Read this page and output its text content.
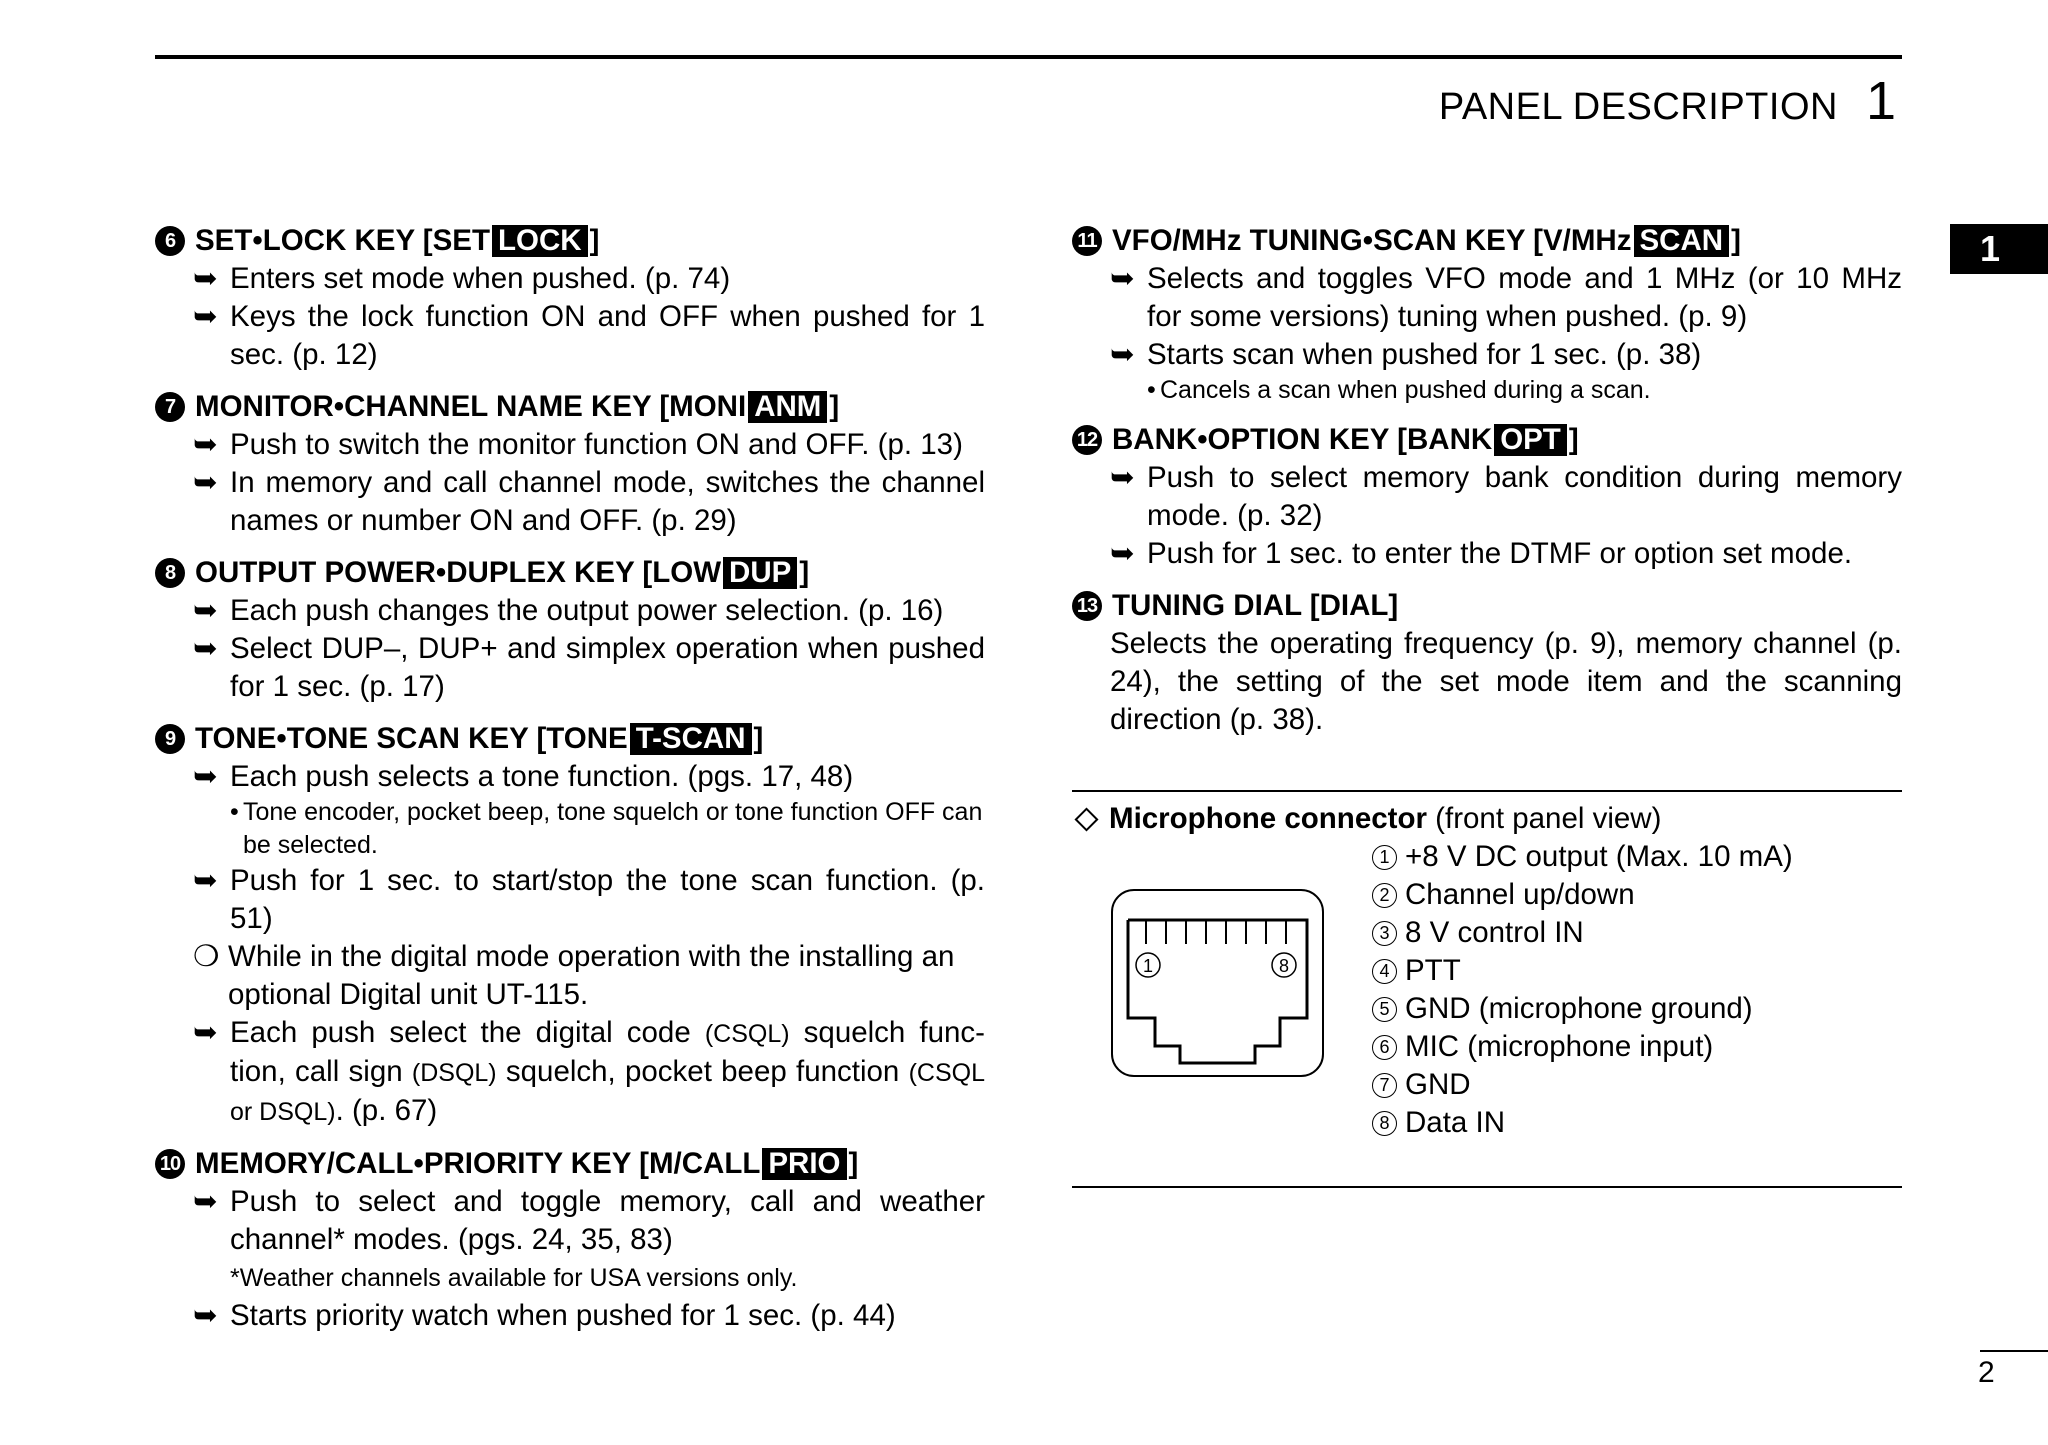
PANEL DESCRIPTION 1
1
6 SET•LOCK KEY [SET LOCK ]
➥ Enters set mode when pushed. (p. 74)
➥ Keys the lock function ON and OFF when pushed for 1 sec. (p. 12)
7 MONITOR•CHANNEL NAME KEY [MONI ANM ]
➥ Push to switch the monitor function ON and OFF. (p. 13)
➥ In memory and call channel mode, switches the channel names or number ON and OFF. (p. 29)
8 OUTPUT POWER•DUPLEX KEY [LOW DUP ]
➥ Each push changes the output power selection. (p. 16)
➥ Select DUP–, DUP+ and simplex operation when pushed for 1 sec. (p. 17)
9 TONE•TONE SCAN KEY [TONE T-SCAN ]
➥ Each push selects a tone function. (pgs. 17, 48)
• Tone encoder, pocket beep, tone squelch or tone function OFF can be selected.
➥ Push for 1 sec. to start/stop the tone scan function. (p. 51)
❍ While in the digital mode operation with the installing an optional Digital unit UT-115.
➥ Each push select the digital code (CSQL) squelch func-tion, call sign (DSQL) squelch, pocket beep function (CSQL or DSQL). (p. 67)
10 MEMORY/CALL•PRIORITY KEY [M/CALL PRIO ]
➥ Push to select and toggle memory, call and weather channel* modes. (pgs. 24, 35, 83)
*Weather channels available for USA versions only.
➥ Starts priority watch when pushed for 1 sec. (p. 44)
11 VFO/MHz TUNING•SCAN KEY [V/MHz SCAN ]
➥ Selects and toggles VFO mode and 1 MHz (or 10 MHz for some versions) tuning when pushed. (p. 9)
➥ Starts scan when pushed for 1 sec. (p. 38)
• Cancels a scan when pushed during a scan.
12 BANK•OPTION KEY [BANK OPT ]
➥ Push to select memory bank condition during memory mode. (p. 32)
➥ Push for 1 sec. to enter the DTMF or option set mode.
13 TUNING DIAL [DIAL]
Selects the operating frequency (p. 9), memory channel (p. 24), the setting of the set mode item and the scanning direction (p. 38).
Microphone connector
(front panel view)
1	8
1 +8 V DC output (Max. 10 mA)
2 Channel up/down
3 8 V control IN
4 PTT
5 GND (microphone ground)
6 MIC (microphone input)
7 GND
8 Data IN
2
